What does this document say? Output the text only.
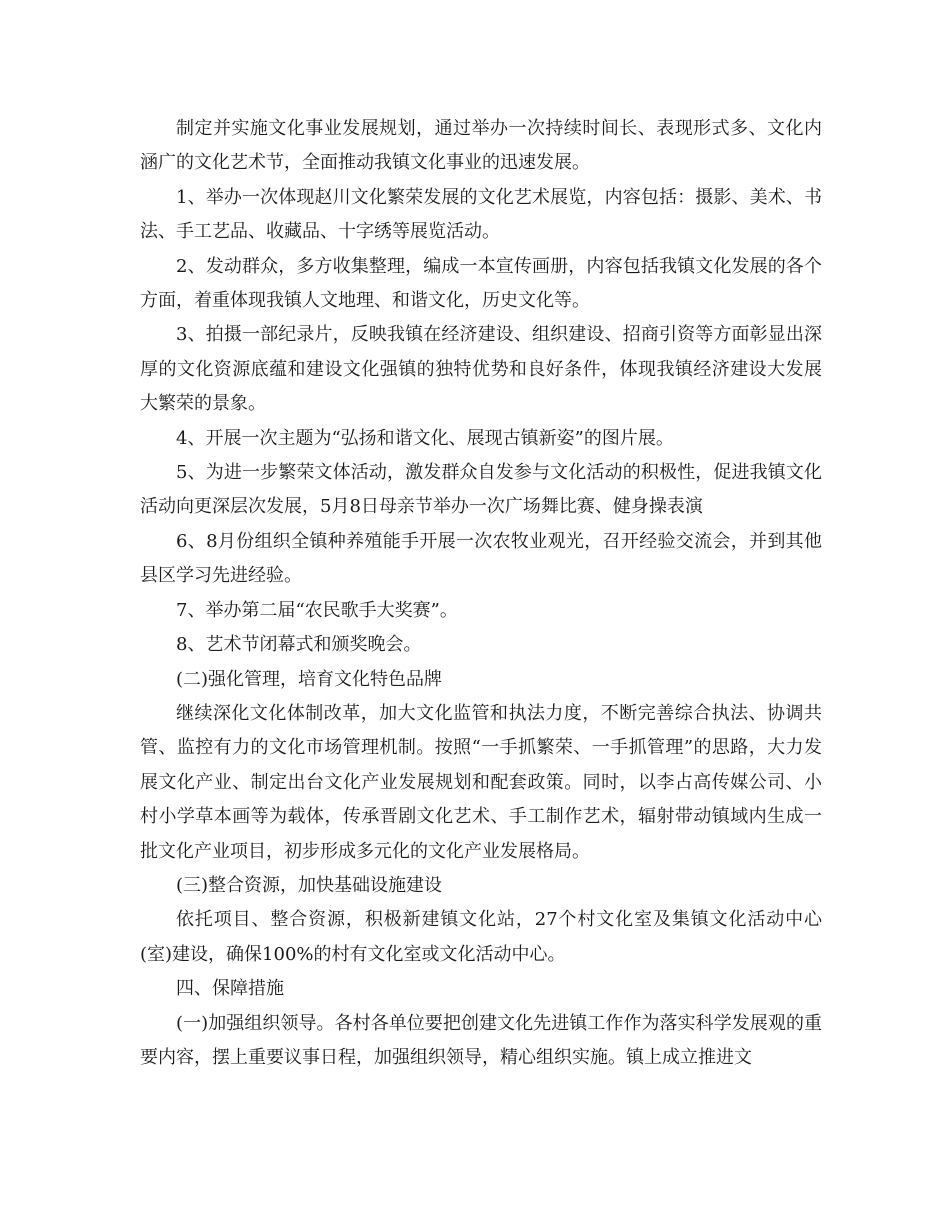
制定并实施文化事业发展规划，通过举办一次持续时间长、表现形式多、文化内涵广的文化艺术节，全面推动我镇文化事业的迅速发展。

1、举办一次体现赵川文化繁荣发展的文化艺术展览，内容包括：摄影、美术、书法、手工艺品、收藏品、十字绣等展览活动。

2、发动群众，多方收集整理，编成一本宣传画册，内容包括我镇文化发展的各个方面，着重体现我镇人文地理、和谐文化，历史文化等。

3、拍摄一部纪录片，反映我镇在经济建设、组织建设、招商引资等方面彰显出深厚的文化资源底蕴和建设文化强镇的独特优势和良好条件，体现我镇经济建设大发展大繁荣的景象。

4、开展一次主题为“弘扬和谐文化、展现古镇新姿”的图片展。

5、为进一步繁荣文体活动，激发群众自发参与文化活动的积极性，促进我镇文化活动向更深层次发展，5月8日母亲节举办一次广场舞比赛、健身操表演

6、8月份组织全镇种养殖能手开展一次农牧业观光，召开经验交流会，并到其他县区学习先进经验。

7、举办第二届“农民歌手大奖赛”。

8、艺术节闭幕式和颁奖晚会。

(二)强化管理，培育文化特色品牌

继续深化文化体制改革，加大文化监管和执法力度，不断完善综合执法、协调共管、监控有力的文化市场管理机制。按照“一手抓繁荣、一手抓管理”的思路，大力发展文化产业、制定出台文化产业发展规划和配套政策。同时，以李占高传媒公司、小村小学草本画等为载体，传承晋剧文化艺术、手工制作艺术，辐射带动镇域内生成一批文化产业项目，初步形成多元化的文化产业发展格局。

(三)整合资源，加快基础设施建设

依托项目、整合资源，积极新建镇文化站，27个村文化室及集镇文化活动中心(室)建设，确保100%的村有文化室或文化活动中心。

四、保障措施

(一)加强组织领导。各村各单位要把创建文化先进镇工作作为落实科学发展观的重要内容，摆上重要议事日程，加强组织领导，精心组织实施。镇上成立推进文
